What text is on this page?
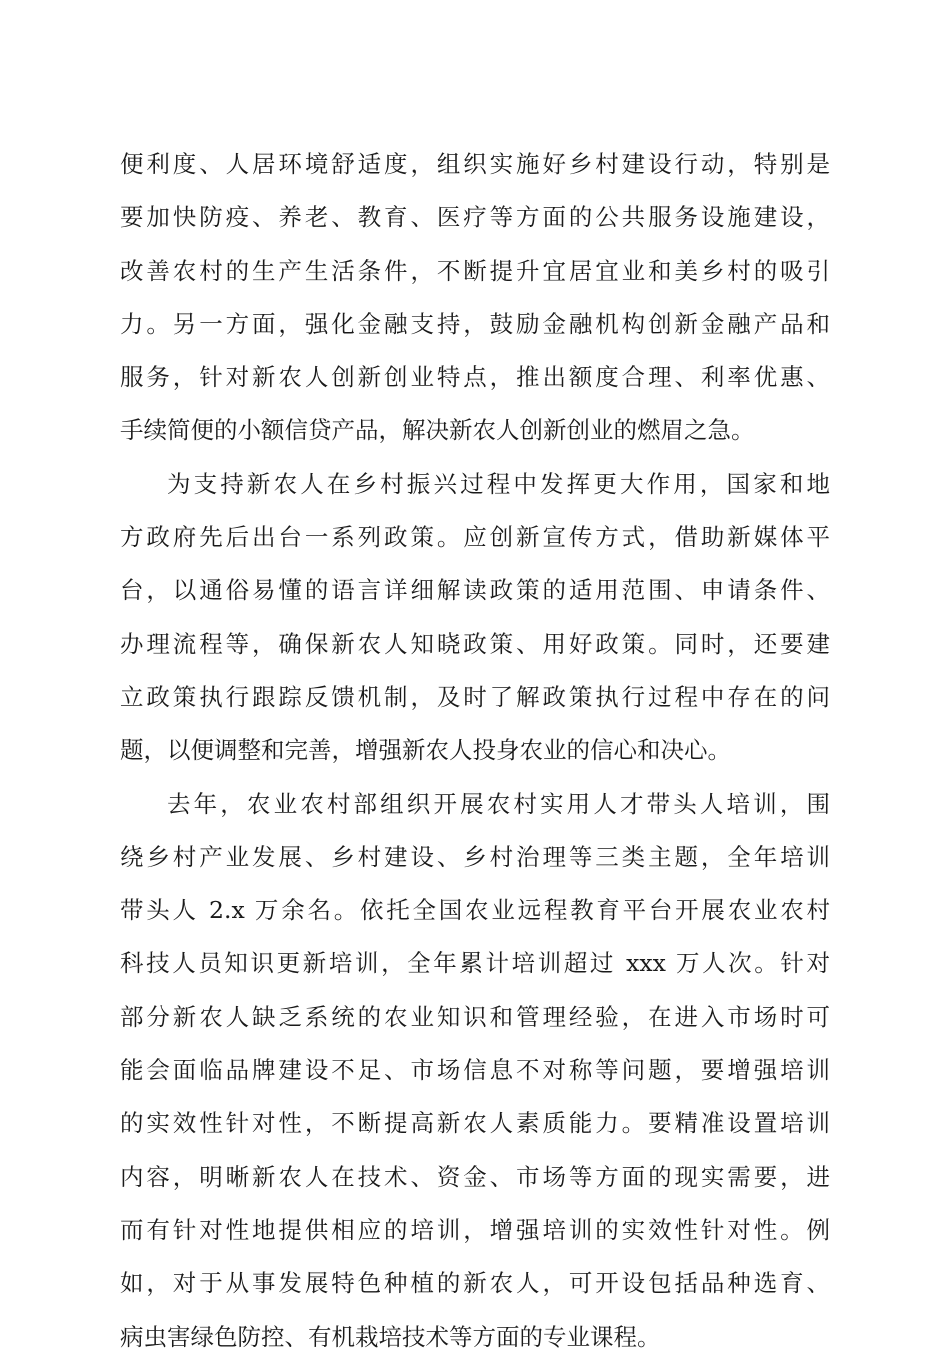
便利度、人居环境舒适度，组织实施好乡村建设行动，特别是
要加快防疫、养老、教育、医疗等方面的公共服务设施建设，
改善农村的生产生活条件，不断提升宜居宜业和美乡村的吸引
力。另一方面，强化金融支持，鼓励金融机构创新金融产品和
服务，针对新农人创新创业特点，推出额度合理、利率优惠、
手续简便的小额信贷产品，解决新农人创新创业的燃眉之急。
为支持新农人在乡村振兴过程中发挥更大作用，国家和地
方政府先后出台一系列政策。应创新宣传方式，借助新媒体平
台，以通俗易懂的语言详细解读政策的适用范围、申请条件、
办理流程等，确保新农人知晓政策、用好政策。同时，还要建
立政策执行跟踪反馈机制，及时了解政策执行过程中存在的问
题，以便调整和完善，增强新农人投身农业的信心和决心。
去年，农业农村部组织开展农村实用人才带头人培训，围
绕乡村产业发展、乡村建设、乡村治理等三类主题，全年培训
带头人 2.x 万余名。依托全国农业远程教育平台开展农业农村
科技人员知识更新培训，全年累计培训超过 xxx 万人次。针对
部分新农人缺乏系统的农业知识和管理经验，在进入市场时可
能会面临品牌建设不足、市场信息不对称等问题，要增强培训
的实效性针对性，不断提高新农人素质能力。要精准设置培训
内容，明晰新农人在技术、资金、市场等方面的现实需要，进
而有针对性地提供相应的培训，增强培训的实效性针对性。例
如，对于从事发展特色种植的新农人，可开设包括品种选育、
病虫害绿色防控、有机栽培技术等方面的专业课程。
